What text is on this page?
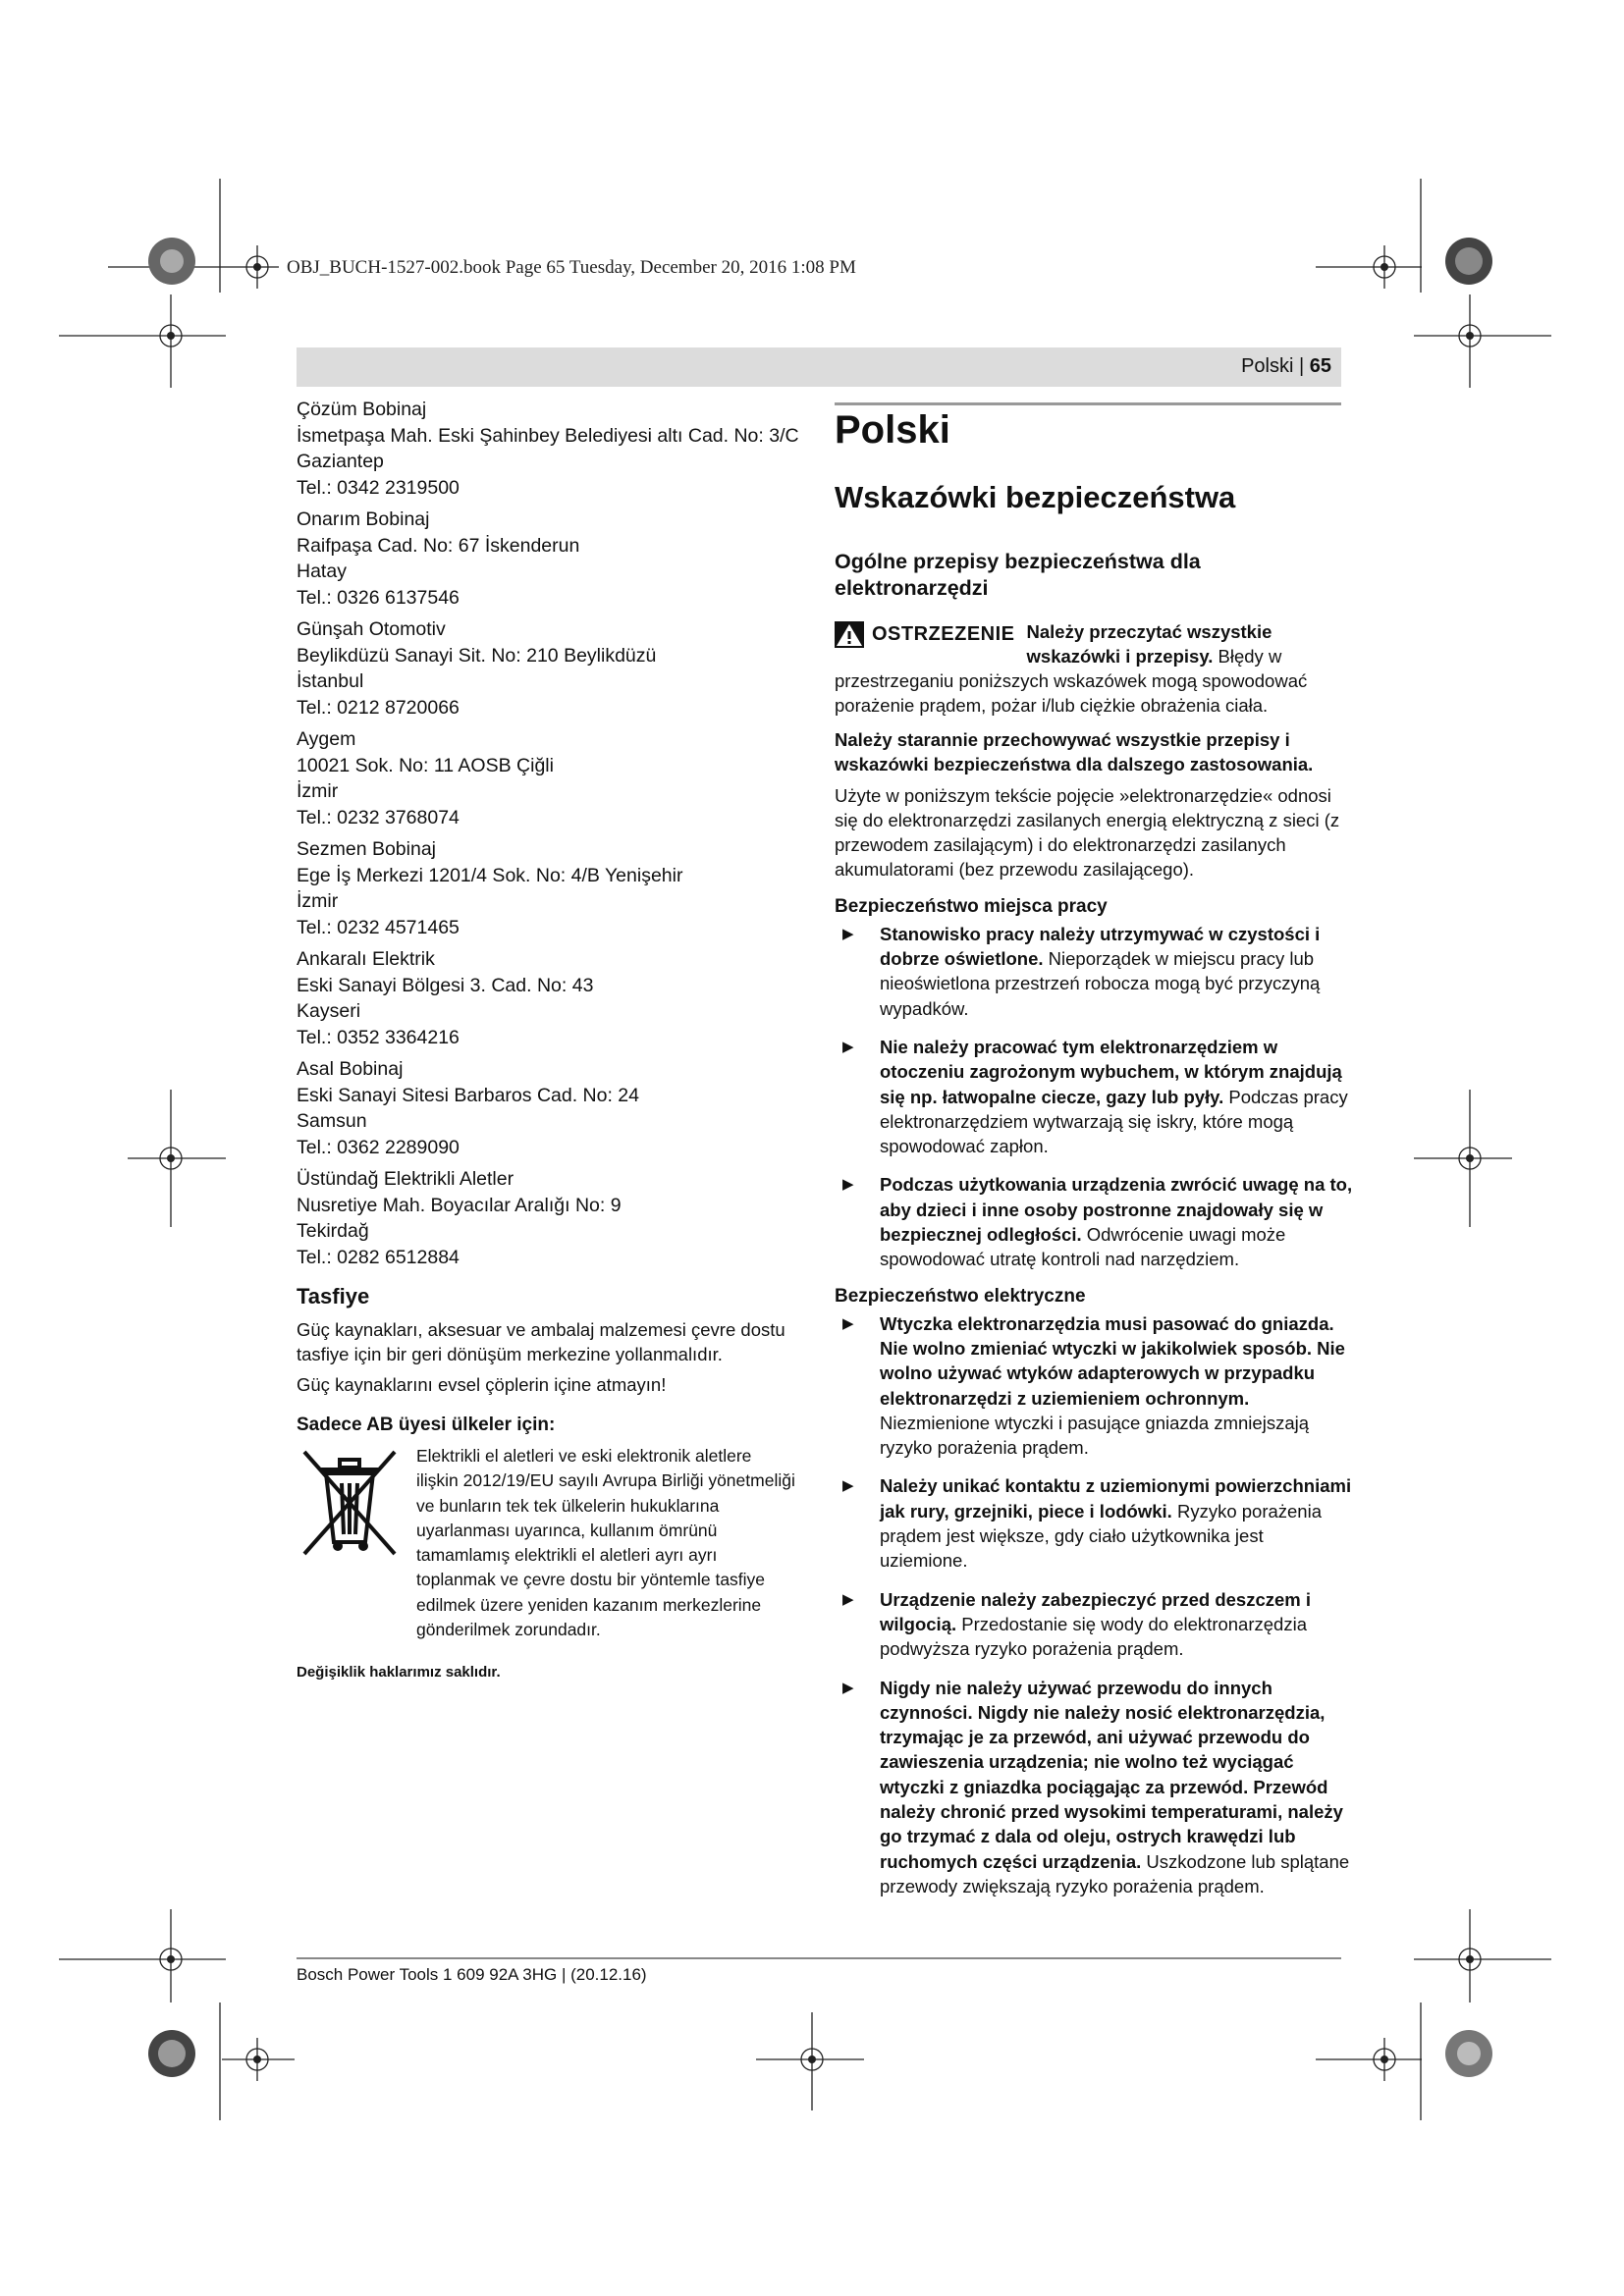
OBJ_BUCH-1527-002.book Page 65 Tuesday, December 20, 2016 1:08 PM
Polski | 65
Çözüm Bobinaj
İsmetpaşa Mah. Eski Şahinbey Belediyesi altı Cad. No: 3/C
Gaziantep
Tel.: 0342 2319500
Onarım Bobinaj
Raifpaşa Cad. No: 67 İskenderun
Hatay
Tel.: 0326 6137546
Günşah Otomotiv
Beylikdüzü Sanayi Sit. No: 210 Beylikdüzü
İstanbul
Tel.: 0212 8720066
Aygem
10021 Sok. No: 11 AOSB Çiğli
İzmir
Tel.: 0232 3768074
Sezmen Bobinaj
Ege İş Merkezi 1201/4 Sok. No: 4/B Yenişehir
İzmir
Tel.: 0232 4571465
Ankaralı Elektrik
Eski Sanayi Bölgesi 3. Cad. No: 43
Kayseri
Tel.: 0352 3364216
Asal Bobinaj
Eski Sanayi Sitesi Barbaros Cad. No: 24
Samsun
Tel.: 0362 2289090
Üstündağ Elektrikli Aletler
Nusretiye Mah. Boyacılar Aralığı No: 9
Tekirdağ
Tel.: 0282 6512884
Tasfiye

Güç kaynakları, aksesuar ve ambalaj malzemesi çevre dostu tasfiye için bir geri dönüşüm merkezine yollanmalıdır.

Güç kaynaklarını evsel çöplerin içine atmayın!

Sadece AB üyesi ülkeler için:
Elektrikli el aletleri ve eski elektronik aletlere ilişkin 2012/19/EU sayılı Avrupa Birliği yönetmeliği ve bunların tek tek ülkelerin hukuklarına uyarlanması uyarınca, kullanım ömrünü tamamlamış elektrikli el aletleri ayrı ayrı toplanmak ve çevre dostu bir yöntemle tasfiye edilmek üzere yeniden kazanım merkezlerine gönderilmek zorundadır.
Değişiklik haklarımız saklıdır.
Polski
Wskazówki bezpieczeństwa
Ogólne przepisy bezpieczeństwa dla elektronarzędzi
OSTRZEZENIE Należy przeczytać wszystkie wskazówki i przepisy. Błędy w przestrzeganiu poniższych wskazówek mogą spowodować porażenie prądem, pożar i/lub ciężkie obrażenia ciała.

Należy starannie przechowywać wszystkie przepisy i wskazówki bezpieczeństwa dla dalszego zastosowania.

Użyte w poniższym tekście pojęcie »elektronarzędzie« odnosi się do elektronarzędzi zasilanych energią elektryczną z sieci (z przewodem zasilającym) i do elektronarzędzi zasilanych akumulatorami (bez przewodu zasilającego).

Bezpieczeństwo miejsca pracy
▶ Stanowisko pracy należy utrzymywać w czystości i dobrze oświetlone. Nieporządek w miejscu pracy lub nieoświetlona przestrzeń robocza mogą być przyczyną wypadków.
▶ Nie należy pracować tym elektronarzędziem w otoczeniu zagrożonym wybuchem, w którym znajdują się np. łatwopalne ciecze, gazy lub pyły. Podczas pracy elektronarzędziem wytwarzają się iskry, które mogą spowodować zapłon.
▶ Podczas użytkowania urządzenia zwrócić uwagę na to, aby dzieci i inne osoby postronne znajdowały się w bezpiecznej odległości. Odwrócenie uwagi może spowodować utratę kontroli nad narzędziem.
Bezpieczeństwo elektryczne
▶ Wtyczka elektronarzędzia musi pasować do gniazda. Nie wolno zmieniać wtyczki w jakikolwiek sposób. Nie wolno używać wtyków adapterowych w przypadku elektronarzędzi z uziemieniem ochronnym. Niezmienione wtyczki i pasujące gniazda zmniejszają ryzyko porażenia prądem.
▶ Należy unikać kontaktu z uziemionymi powierzchniami jak rury, grzejniki, piece i lodówki. Ryzyko porażenia prądem jest większe, gdy ciało użytkownika jest uziemione.
▶ Urządzenie należy zabezpieczyć przed deszczem i wilgocią. Przedostanie się wody do elektronarzędzia podwyższa ryzyko porażenia prądem.
▶ Nigdy nie należy używać przewodu do innych czynności. Nigdy nie należy nosić elektronarzędzia, trzymając je za przewód, ani używać przewodu do zawieszenia urządzenia; nie wolno też wyciągać wtyczki z gniazdka pociągając za przewód. Przewód należy chronić przed wysokimi temperaturami, należy go trzymać z dala od oleju, ostrych krawędzi lub ruchomych części urządzenia. Uszkodzone lub splątane przewody zwiększają ryzyko porażenia prądem.
Bosch Power Tools 1 609 92A 3HG | (20.12.16)
